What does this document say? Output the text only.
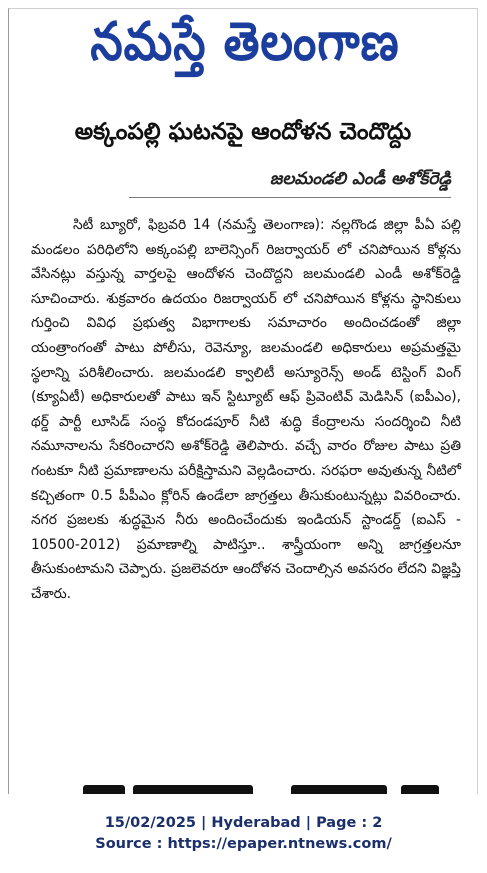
నమస్తే తెలంగాణ
అక్కంపల్లి ఘటనపై ఆందోళన చెందొద్దు
జలమండలి ఎండీ అశోక్‌రెడ్డి

సిటీ బ్యూరో, ఫిబ్రవరి 14 (నమస్తే తెలంగాణ): నల్లగొండ జిల్లా పీఏ పల్లి మండలం పరిధిలోని అక్కంపల్లి బాలెన్సింగ్ రిజర్వాయర్ లో చనిపోయిన కోళ్లను వేసినట్లు వస్తున్న వార్తలపై ఆందోళన చెందొద్దని జలమండలి ఎండీ అశోక్‌రెడ్డి సూచించారు. శుక్రవారం ఉదయం రిజర్వాయర్ లో చనిపోయిన కోళ్లను స్థానికులు గుర్తించి వివిధ ప్రభుత్వ విభాగాలకు సమాచారం అందించడంతో జిల్లా యంత్రాంగంతో పాటు పోలీసు, రెవెన్యూ, జలమండలి అధికారులు అప్రమత్తమై స్థలాన్ని పరిశీలించారు. జలమండలి క్వాలిటీ అస్యూరెన్స్ అండ్ టెస్టింగ్ వింగ్ (క్యూఏటీ) అధికారులతో పాటు ఇన్ స్టిట్యూట్ ఆఫ్ ప్రివెంటివ్ మెడిసిన్ (ఐపీఎం), థర్డ్ పార్టీ లూసిడ్ సంస్థ కోదండపూర్ నీటి శుద్ధి కేంద్రాలను సందర్శించి నీటి నమూనాలను సేకరించారని అశోక్‌రెడ్డి తెలిపారు. వచ్చే వారం రోజుల పాటు ప్రతి గంటకూ నీటి ప్రమాణాలను పరీక్షిస్తామని వెల్లడించారు. సరఫరా అవుతున్న నీటిలో కచ్చితంగా 0.5 పీపీఎం క్లోరిన్ ఉండేలా జాగ్రత్తలు తీసుకుంటున్నట్లు వివరించారు. నగర ప్రజలకు శుద్ధమైన నీరు అందించేందుకు ఇండియన్ స్టాండర్డ్ (ఐఎస్ - 10500-2012) ప్రమాణాల్ని పాటిస్తూ.. శాస్త్రీయంగా అన్ని జాగ్రత్తలనూ తీసుకుంటామని చెప్పారు. ప్రజలెవరూ ఆందోళన చెందాల్సిన అవసరం లేదని విజ్ఞప్తి చేశారు.

15/02/2025 | Hyderabad | Page : 2
Source : https://epaper.ntnews.com/
